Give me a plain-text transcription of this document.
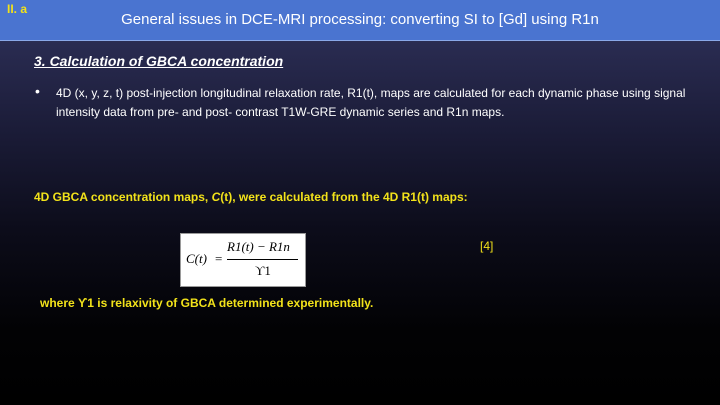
II. a
General issues in DCE-MRI processing: converting SI to [Gd] using R1n
3. Calculation of GBCA concentration
• 4D (x, y, z, t) post-injection longitudinal relaxation rate, R1(t), maps are calculated for each dynamic phase using signal intensity data from pre- and post- contrast T1W-GRE dynamic series and R1n maps.
4D GBCA concentration maps, C(t), were calculated from the 4D R1(t) maps:
C(t) =
R1(t) − R1n
ϒ1
[4]
where ϒ1 is relaxivity of GBCA determined experimentally.
